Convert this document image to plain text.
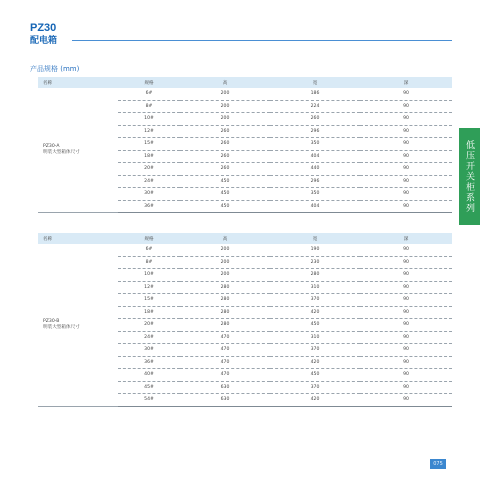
PZ30
配电箱
产品规格 (mm)
名称	规格	高	宽	深

PZ30-A
明装大型箱体尺寸	6#	200	186	90
	8#	200	224	90
	10#	200	260	90
	12#	260	296	90
	15#	260	350	90
	18#	260	404	90
	20#	260	440	90
	24#	450	296	90
	30#	450	350	90
	36#	450	404	90
名称	规格	高	宽	深

PZ30-B
明装大型箱体尺寸	6#	200	190	90
	8#	200	230	90
	10#	200	280	90
	12#	280	310	90
	15#	280	370	90
	18#	280	420	90
	20#	280	450	90
	24#	470	310	90
	30#	470	370	90
	36#	470	420	90
	40#	470	450	90
	45#	630	370	90
	54#	630	420	90
低压开关柜系列
075
